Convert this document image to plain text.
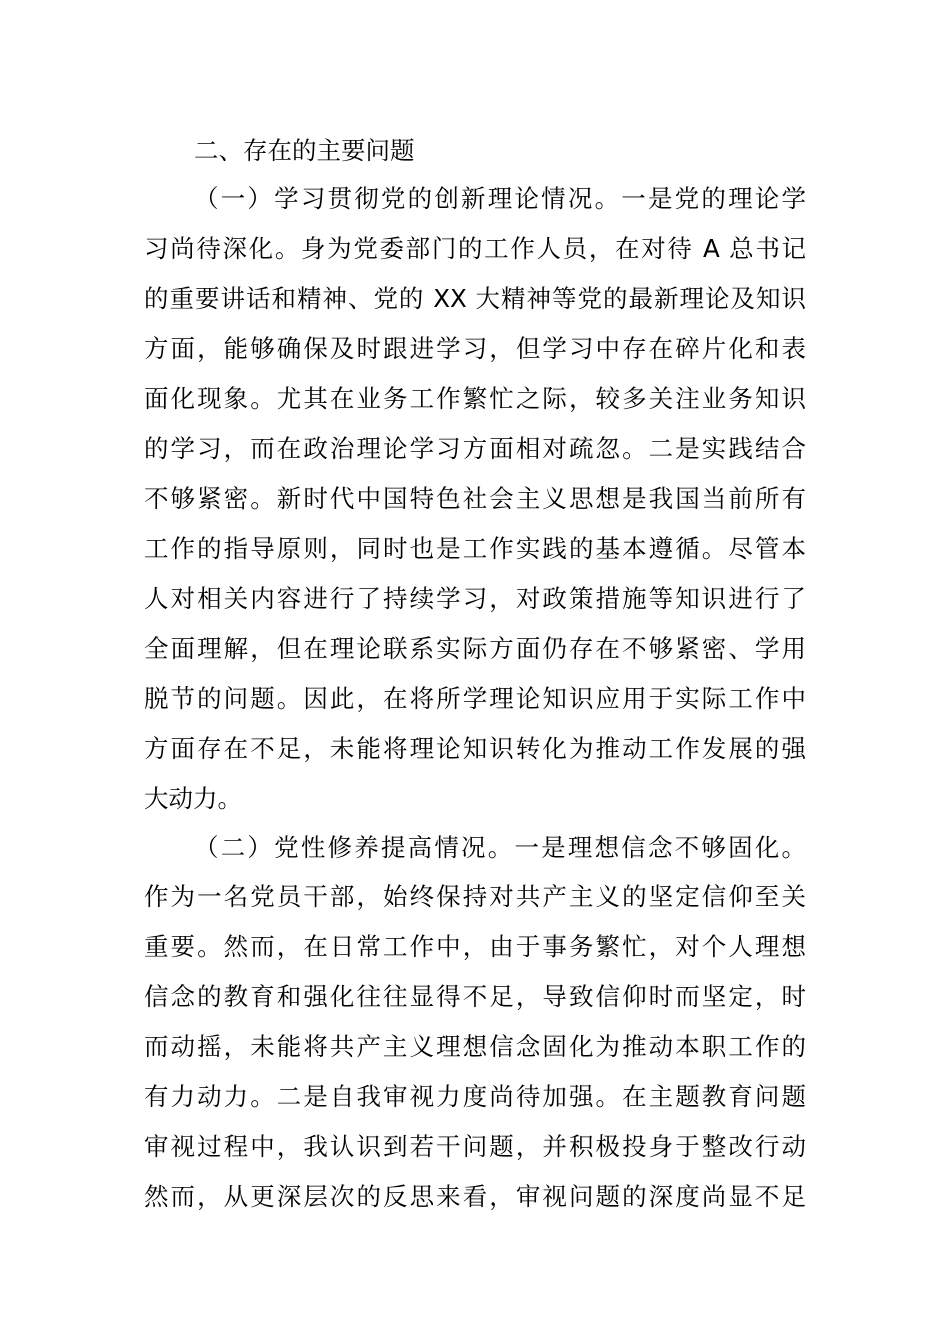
二、存在的主要问题
（一）学习贯彻党的创新理论情况。一是党的理论学
习尚待深化。身为党委部门的工作人员，在对待 A 总书记
的重要讲话和精神、党的 XX 大精神等党的最新理论及知识
方面，能够确保及时跟进学习，但学习中存在碎片化和表
面化现象。尤其在业务工作繁忙之际，较多关注业务知识
的学习，而在政治理论学习方面相对疏忽。二是实践结合
不够紧密。新时代中国特色社会主义思想是我国当前所有
工作的指导原则，同时也是工作实践的基本遵循。尽管本
人对相关内容进行了持续学习，对政策措施等知识进行了
全面理解，但在理论联系实际方面仍存在不够紧密、学用
脱节的问题。因此，在将所学理论知识应用于实际工作中
方面存在不足，未能将理论知识转化为推动工作发展的强
大动力。
（二）党性修养提高情况。一是理想信念不够固化。
作为一名党员干部，始终保持对共产主义的坚定信仰至关
重要。然而，在日常工作中，由于事务繁忙，对个人理想
信念的教育和强化往往显得不足，导致信仰时而坚定，时
而动摇，未能将共产主义理想信念固化为推动本职工作的
有力动力。二是自我审视力度尚待加强。在主题教育问题
审视过程中，我认识到若干问题，并积极投身于整改行动
然而，从更深层次的反思来看，审视问题的深度尚显不足
